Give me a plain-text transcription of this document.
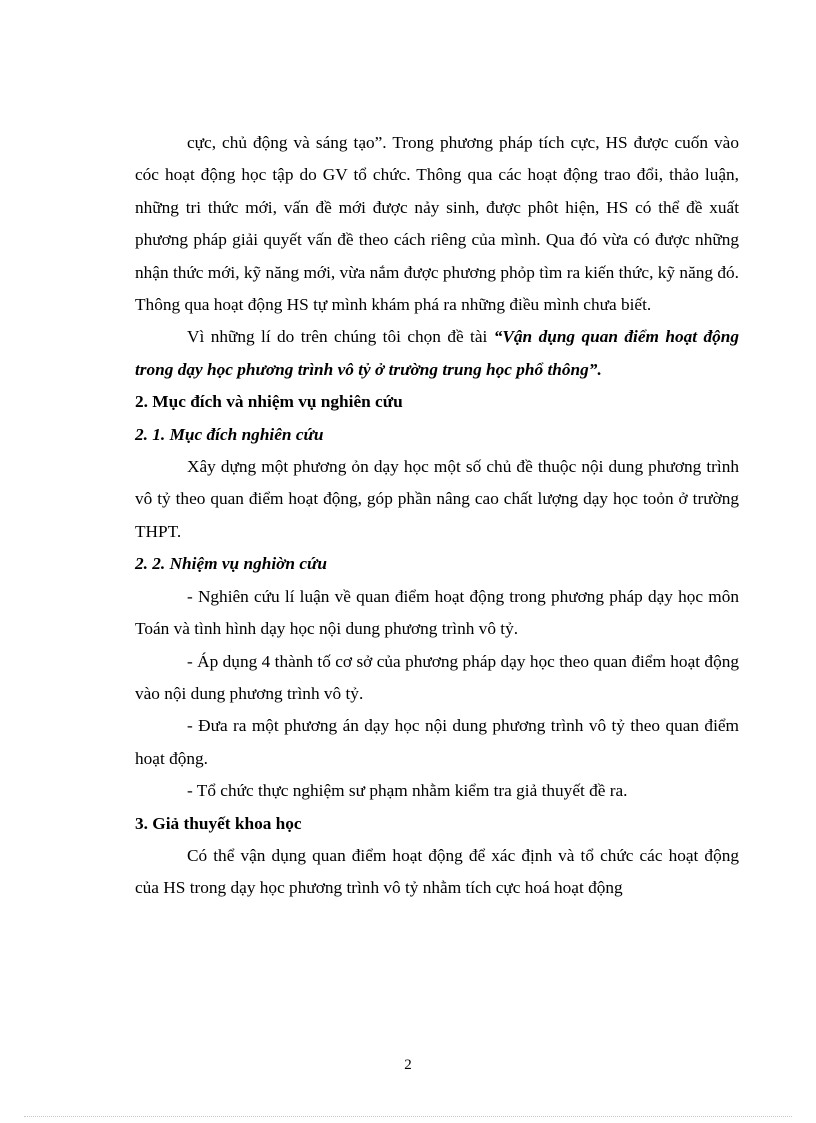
cực, chủ động và sáng tạo”. Trong phương pháp tích cực, HS được cuốn vào cóc hoạt động học tập do GV tổ chức. Thông qua các hoạt động trao đổi, thảo luận, những tri thức mới, vấn đề mới được nảy sinh, được phôt hiện, HS có thể đề xuất phương pháp giải quyết vấn đề theo cách riêng của mình. Qua đó vừa có được những nhận thức mới, kỹ năng mới, vừa nắm được phương phỏp tìm ra kiến thức, kỹ năng đó. Thông qua hoạt động HS tự mình khám phá ra những điều mình chưa biết.

Vì những lí do trên chúng tôi chọn đề tài “Vận dụng quan điểm hoạt động trong dạy học phương trình vô tỷ ở trường trung học phổ thông”.

2. Mục đích và nhiệm vụ nghiên cứu

2. 1. Mục đích nghiên cứu

Xây dựng một phương ỏn dạy học một số chủ đề thuộc nội dung phương trình vô tỷ theo quan điểm hoạt động, góp phần nâng cao chất lượng dạy học toỏn ở trường THPT.

2. 2. Nhiệm vụ nghiờn cứu

- Nghiên cứu lí luận về quan điểm hoạt động trong phương pháp dạy học môn Toán và tình hình dạy học nội dung phương trình vô tỷ.

- Áp dụng 4 thành tố cơ sở của phương pháp dạy học theo quan điểm hoạt động vào nội dung phương trình vô tỷ.

- Đưa ra một phương án dạy học nội dung phương trình vô tỷ theo quan điểm hoạt động.

- Tổ chức thực nghiệm sư phạm nhằm kiểm tra giả thuyết đề ra.

3. Giả thuyết khoa học

Có thể vận dụng quan điểm hoạt động để xác định và tổ chức các hoạt động của HS trong dạy học phương trình vô tỷ nhằm tích cực hoá hoạt động

2
